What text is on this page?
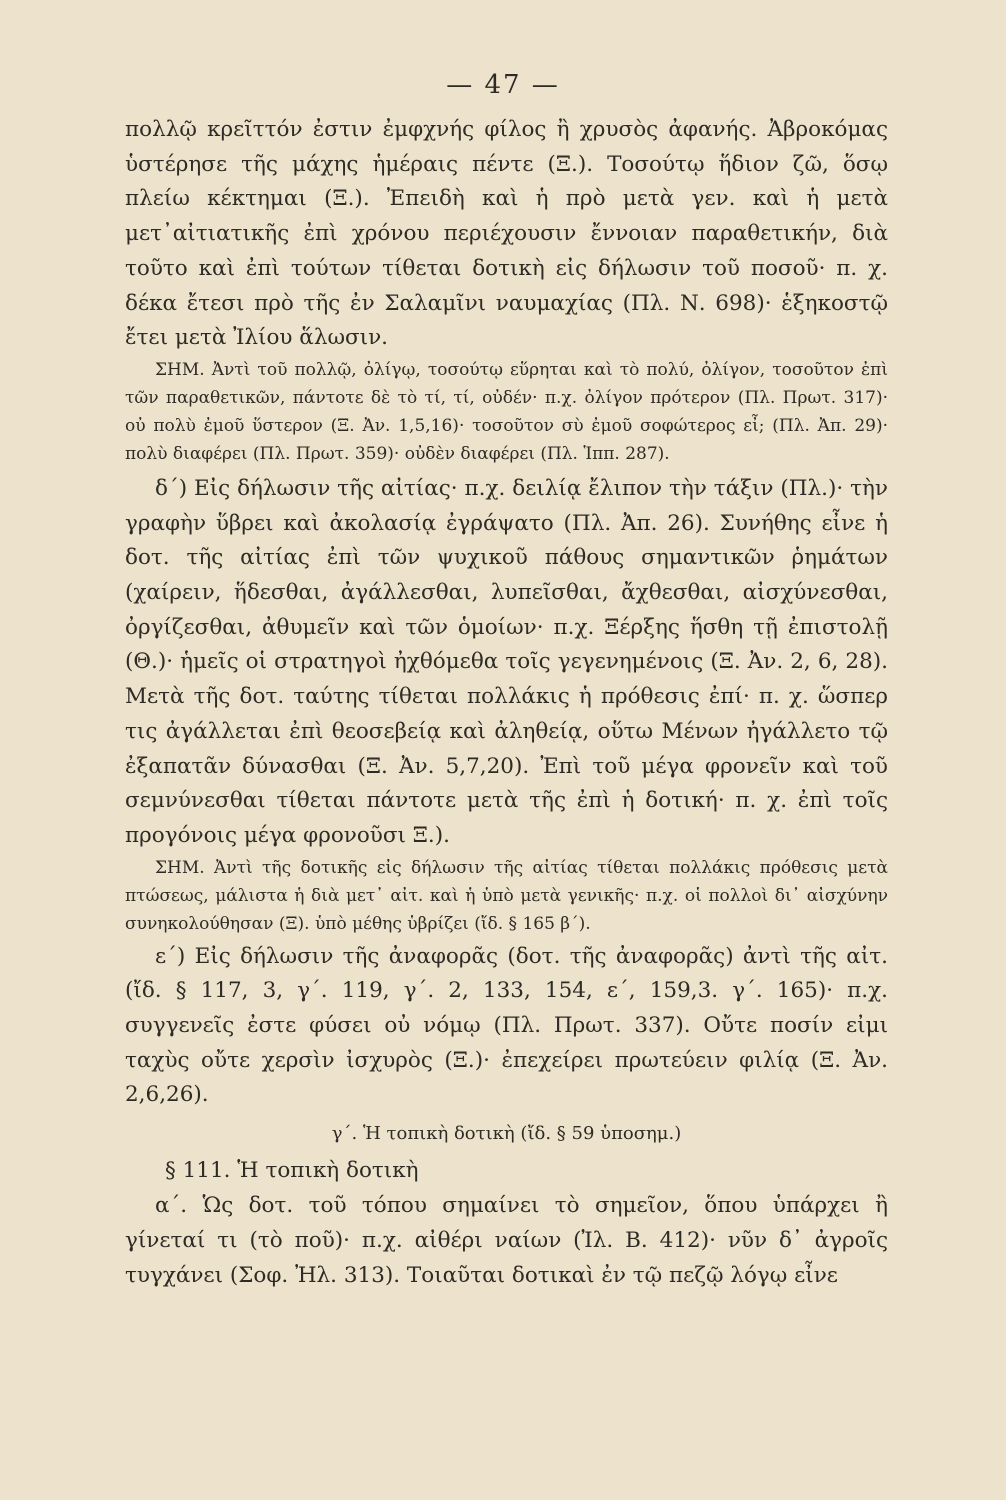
— 47 —

πολλῷ κρεῖττόν ἐστιν ἐμφχνής φίλος ἢ χρυσὸς ἀφανής. Ἀβροκόμας ὑστέρησε τῆς μάχης ἡμέραις πέντε (Ξ.). Τοσούτῳ ἥδιον ζῶ, ὅσῳ πλείω κέκτημαι (Ξ.). Ἐπειδὴ καὶ ἡ πρὸ μετὰ γεν. καὶ ἡ μετὰ μετ᾽αἰτιατικῆς ἐπὶ χρόνου περιέχουσιν ἔννοιαν παραθετικήν, διὰ τοῦτο καὶ ἐπὶ τούτων τίθεται δοτικὴ εἰς δήλωσιν τοῦ ποσοῦ· π. χ. δέκα ἔτεσι πρὸ τῆς ἐν Σαλαμῖνι ναυμαχίας (Πλ. Ν. 698)· ἑξηκοστῷ ἔτει μετὰ Ἰλίου ἅλωσιν.

ΣΗΜ. Ἀντὶ τοῦ πολλῷ, ὀλίγῳ, τοσούτῳ εὕρηται καὶ τὸ πολύ, ὀλίγον, τοσοῦτον ἐπὶ τῶν παραθετικῶν, πάντοτε δὲ τὸ τί, τί, οὐδέν· π.χ. ὀλίγον πρότερον (Πλ. Πρωτ. 317)· οὐ πολὺ ἐμοῦ ὕστερον (Ξ. Ἀν. 1,5,16)· τοσοῦτον σὺ ἐμοῦ σοφώτερος εἶ; (Πλ. Ἀπ. 29)· πολὺ διαφέρει (Πλ. Πρωτ. 359)· οὐδὲν διαφέρει (Πλ. Ἱππ. 287).

δ΄) Εἰς δήλωσιν τῆς αἰτίας· π.χ. δειλίᾳ ἔλιπον τὴν τάξιν (Πλ.)· τὴν γραφὴν ὕβρει καὶ ἀκολασίᾳ ἐγράψατο (Πλ. Ἀπ. 26). Συνήθης εἶνε ἡ δοτ. τῆς αἰτίας ἐπὶ τῶν ψυχικοῦ πάθους σημαντικῶν ῥημάτων (χαίρειν, ἥδεσθαι, ἀγάλλεσθαι, λυπεῖσθαι, ἄχθεσθαι, αἰσχύνεσθαι, ὀργίζεσθαι, ἀθυμεῖν καὶ τῶν ὁμοίων· π.χ. Ξέρξης ἥσθη τῇ ἐπιστολῇ (Θ.)· ἡμεῖς οἱ στρατηγοὶ ἠχθόμεθα τοῖς γεγενημένοις (Ξ. Ἀν. 2, 6, 28). Μετὰ τῆς δοτ. ταύτης τίθεται πολλάκις ἡ πρόθεσις ἐπί· π. χ. ὥσπερ τις ἀγάλλεται ἐπὶ θεοσεβείᾳ καὶ ἀληθείᾳ, οὕτω Μένων ἠγάλλετο τῷ ἐξαπατᾶν δύνασθαι (Ξ. Ἀν. 5,7,20). Ἐπὶ τοῦ μέγα φρονεῖν καὶ τοῦ σεμνύνεσθαι τίθεται πάντοτε μετὰ τῆς ἐπὶ ἡ δοτική· π. χ. ἐπὶ τοῖς προγόνοις μέγα φρονοῦσι Ξ.).

ΣΗΜ. Ἀντὶ τῆς δοτικῆς εἰς δήλωσιν τῆς αἰτίας τίθεται πολλάκις πρόθεσις μετὰ πτώσεως, μάλιστα ἡ διὰ μετ᾽ αἰτ. καὶ ἡ ὑπὸ μετὰ γενικῆς· π.χ. οἱ πολλοὶ δι᾽ αἰσχύνην συνηκολούθησαν (Ξ). ὑπὸ μέθης ὑβρίζει (ἴδ. § 165 β΄).

ε΄) Εἰς δήλωσιν τῆς ἀναφορᾶς (δοτ. τῆς ἀναφορᾶς) ἀντὶ τῆς αἰτ. (ἴδ. § 117, 3, γ΄. 119, γ΄. 2, 133, 154, ε΄, 159,3. γ΄. 165)· π.χ. συγγενεῖς ἐστε φύσει οὐ νόμῳ (Πλ. Πρωτ. 337). Οὔτε ποσίν εἰμι ταχὺς οὔτε χερσὶν ἰσχυρὸς (Ξ.)· ἐπεχείρει πρωτεύειν φιλίᾳ (Ξ. Ἀν. 2,6,26).

γ΄. Ἡ τοπικὴ δοτικὴ (ἴδ. § 59 ὑποσημ.)
§ 111. Ἡ τοπικὴ δοτικὴ

α΄. Ὡς δοτ. τοῦ τόπου σημαίνει τὸ σημεῖον, ὅπου ὑπάρχει ἢ γίνεταί τι (τὸ ποῦ)· π.χ. αἰθέρι ναίων (Ἰλ. Β. 412)· νῦν δ᾽ ἀγροῖς τυγχάνει (Σοφ. Ἠλ. 313). Τοιαῦται δοτικαὶ ἐν τῷ πεζῷ λόγῳ εἶνε
